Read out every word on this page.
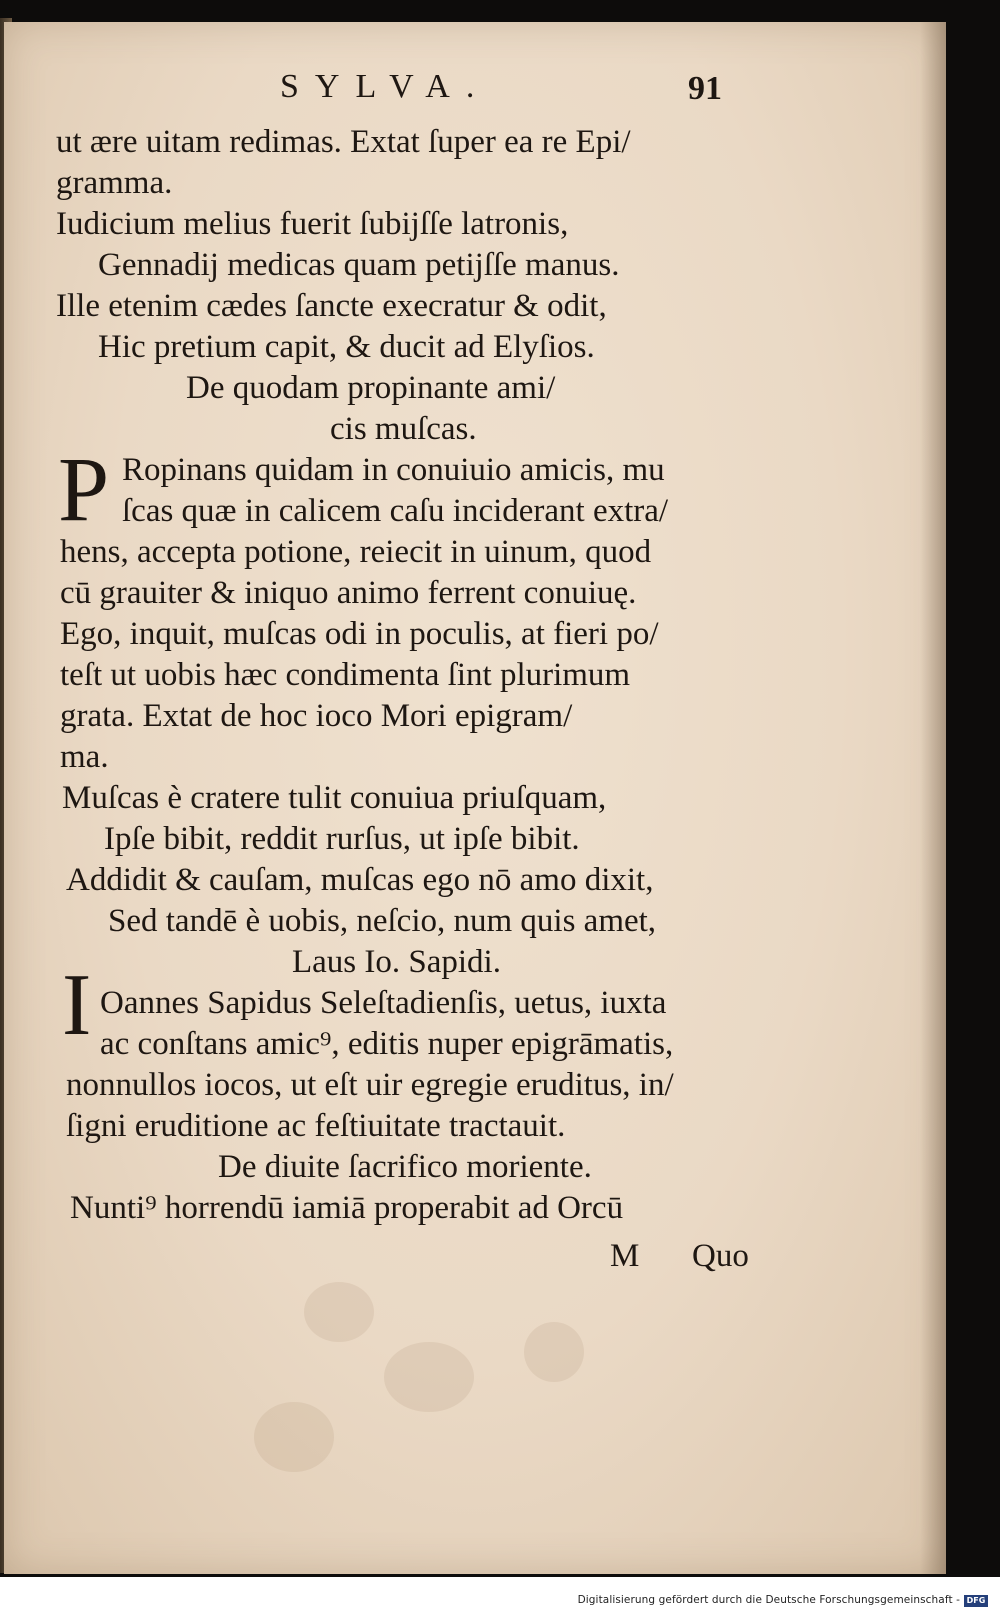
SYLVA.	91
ut ære uitam redimas. Extat ſuper ea re Epi/
gramma.
Iudicium melius fuerit ſubijſſe latronis,
Gennadij medicas quam petijſſe manus.
Ille etenim cædes ſancte execratur & odit,
Hic pretium capit, & ducit ad Elyſios.
De quodam propinante ami/
cis muſcas.
P Ropinans quidam in conuiuio amicis, mu
ſcas quæ in calicem caſu inciderant extra/
hens, accepta potione, reiecit in uinum, quod
cū grauiter & iniquo animo ferrent conuiuę.
Ego, inquit, muſcas odi in poculis, at fieri po/
teſt ut uobis hæc condimenta ſint plurimum
grata. Extat de hoc ioco Mori epigram/
ma.
Muſcas è cratere tulit conuiua priuſquam,
Ipſe bibit, reddit rurſus, ut ipſe bibit.
Addidit & cauſam, muſcas ego nō amo dixit,
Sed tandē è uobis, neſcio, num quis amet,
Laus Io. Sapidi.
I Oannes Sapidus Seleſtadienſis, uetus, iuxta
ac conſtans amic⁹, editis nuper epigrāmatis,
nonnullos iocos, ut eſt uir egregie eruditus, in/
ſigni eruditione ac feſtiuitate tractauit.
De diuite ſacrifico moriente.
Nunti⁹ horrendū iamiā properabit ad Orcū
M Quo
Digitalisierung gefördert durch die Deutsche Forschungsgemeinschaft - DFG
